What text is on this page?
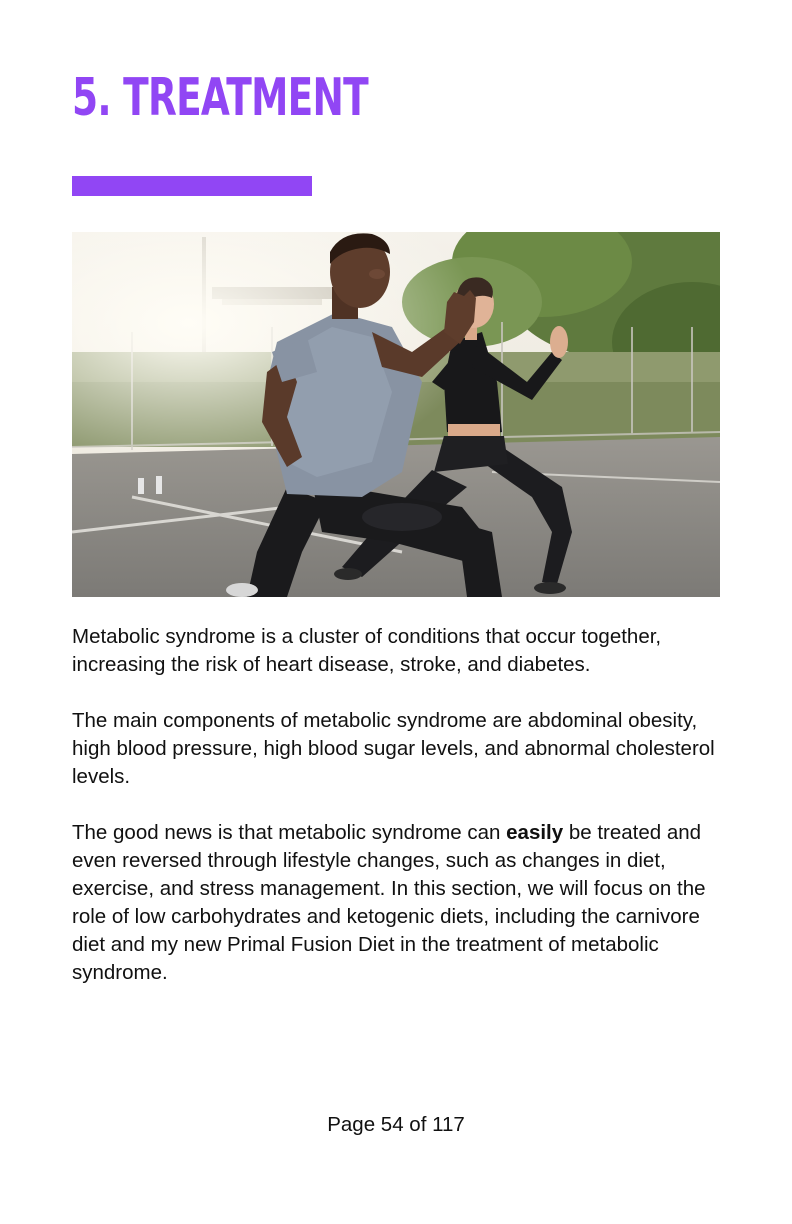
5. TREATMENT

Metabolic syndrome is a cluster of conditions that occur together, increasing the risk of heart disease, stroke, and diabetes.

The main components of metabolic syndrome are abdominal obesity, high blood pressure, high blood sugar levels, and abnormal cholesterol levels.

The good news is that metabolic syndrome can easily be treated and even reversed through lifestyle changes, such as changes in diet, exercise, and stress management. In this section, we will focus on the role of low carbohydrates and ketogenic diets, including the carnivore diet and my new Primal Fusion Diet in the treatment of metabolic syndrome.

Page 54 of 117
